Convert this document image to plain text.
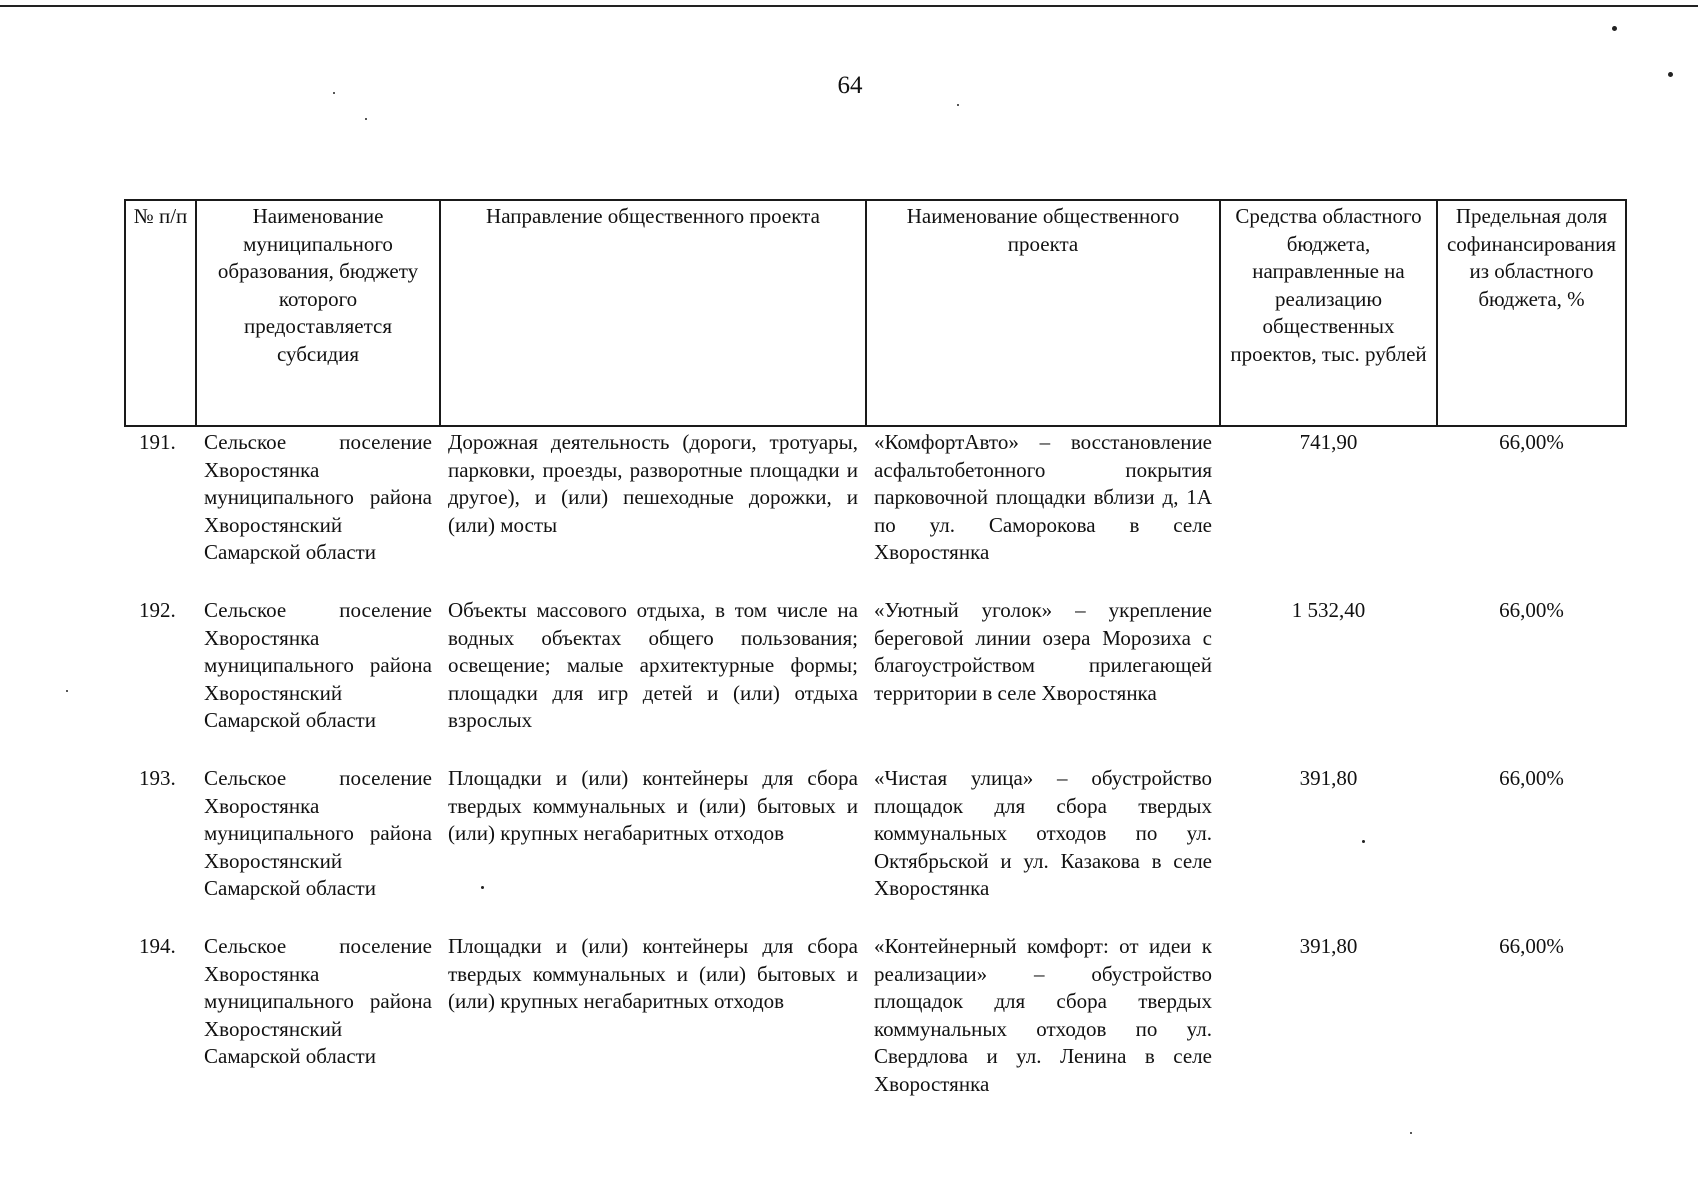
64
№ п/п	Наименование муниципального образования, бюджету которого предоставляется субсидия	Направление общественного проекта	Наименование общественного проекта	Средства областного бюджета, направленные на реализацию общественных проектов, тыс. рублей	Предельная доля софинансирования из областного бюджета, %
191.	Сельское поселение Хворостянка муниципального района Хворостянский Самарской области	Дорожная деятельность (дороги, тротуары, парковки, проезды, разворотные площадки и другое), и (или) пешеходные дорожки, и (или) мосты	«КомфортАвто» – восстановление асфальтобетонного покрытия парковочной площадки вблизи д, 1А по ул. Саморокова в селе Хворостянка	741,90	66,00%
192.	Сельское поселение Хворостянка муниципального района Хворостянский Самарской области	Объекты массового отдыха, в том числе на водных объектах общего пользования; освещение; малые архитектурные формы; площадки для игр детей и (или) отдыха взрослых	«Уютный уголок» – укрепление береговой линии озера Морозиха с благоустройством прилегающей территории в селе Хворостянка	1 532,40	66,00%
193.	Сельское поселение Хворостянка муниципального района Хворостянский Самарской области	Площадки и (или) контейнеры для сбора твердых коммунальных и (или) бытовых и (или) крупных негабаритных отходов	«Чистая улица» – обустройство площадок для сбора твердых коммунальных отходов по ул. Октябрьской и ул. Казакова в селе Хворостянка	391,80	66,00%
194.	Сельское поселение Хворостянка муниципального района Хворостянский Самарской области	Площадки и (или) контейнеры для сбора твердых коммунальных и (или) бытовых и (или) крупных негабаритных отходов	«Контейнерный комфорт: от идеи к реализации» – обустройство площадок для сбора твердых коммунальных отходов по ул. Свердлова и ул. Ленина в селе Хворостянка	391,80	66,00%
